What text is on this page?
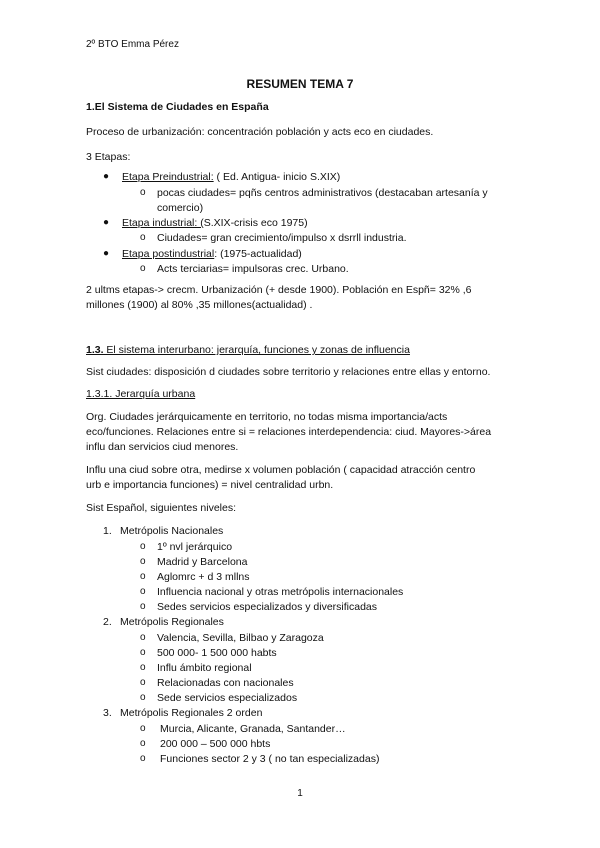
2º BTO Emma Pérez
RESUMEN TEMA 7
1.El Sistema de Ciudades en España
Proceso de urbanización: concentración población y acts eco en ciudades.
3 Etapas:
● Etapa Preindustrial: ( Ed. Antigua- inicio S.XIX)
o pocas ciudades= pqñs centros administrativos (destacaban artesanía y
comercio)
● Etapa industrial: (S.XIX-crisis eco 1975)
o Ciudades= gran crecimiento/impulso x dsrrll industria.
● Etapa postindustrial: (1975-actualidad)
o Acts terciarias= impulsoras crec. Urbano.
2 ultms etapas-> crecm. Urbanización (+ desde 1900). Población en Espñ= 32% ,6
millones (1900) al 80% ,35 millones(actualidad) .
1.3. El sistema interurbano: jerarquía, funciones y zonas de influencia
Sist ciudades: disposición d ciudades sobre territorio y relaciones entre ellas y entorno.
1.3.1. Jerarquía urbana
Org. Ciudades jerárquicamente en territorio, no todas misma importancia/acts
eco/funciones. Relaciones entre si = relaciones interdependencia: ciud. Mayores->área
influ dan servicios ciud menores.
Influ una ciud sobre otra, medirse x volumen población ( capacidad atracción centro
urb e importancia funciones) = nivel centralidad urbn.
Sist Español, siguientes niveles:
1. Metrópolis Nacionales
o 1º nvl jerárquico
o Madrid y Barcelona
o Aglomrc + d 3 mllns
o Influencia nacional y otras metrópolis internacionales
o Sedes servicios especializados y diversificadas
2. Metrópolis Regionales
o Valencia, Sevilla, Bilbao y Zaragoza
o 500 000- 1 500 000 habts
o Influ ámbito regional
o Relacionadas con nacionales
o Sede servicios especializados
3. Metrópolis Regionales 2 orden
o Murcia, Alicante, Granada, Santander…
o 200 000 – 500 000 hbts
o Funciones sector 2 y 3 ( no tan especializadas)
1
